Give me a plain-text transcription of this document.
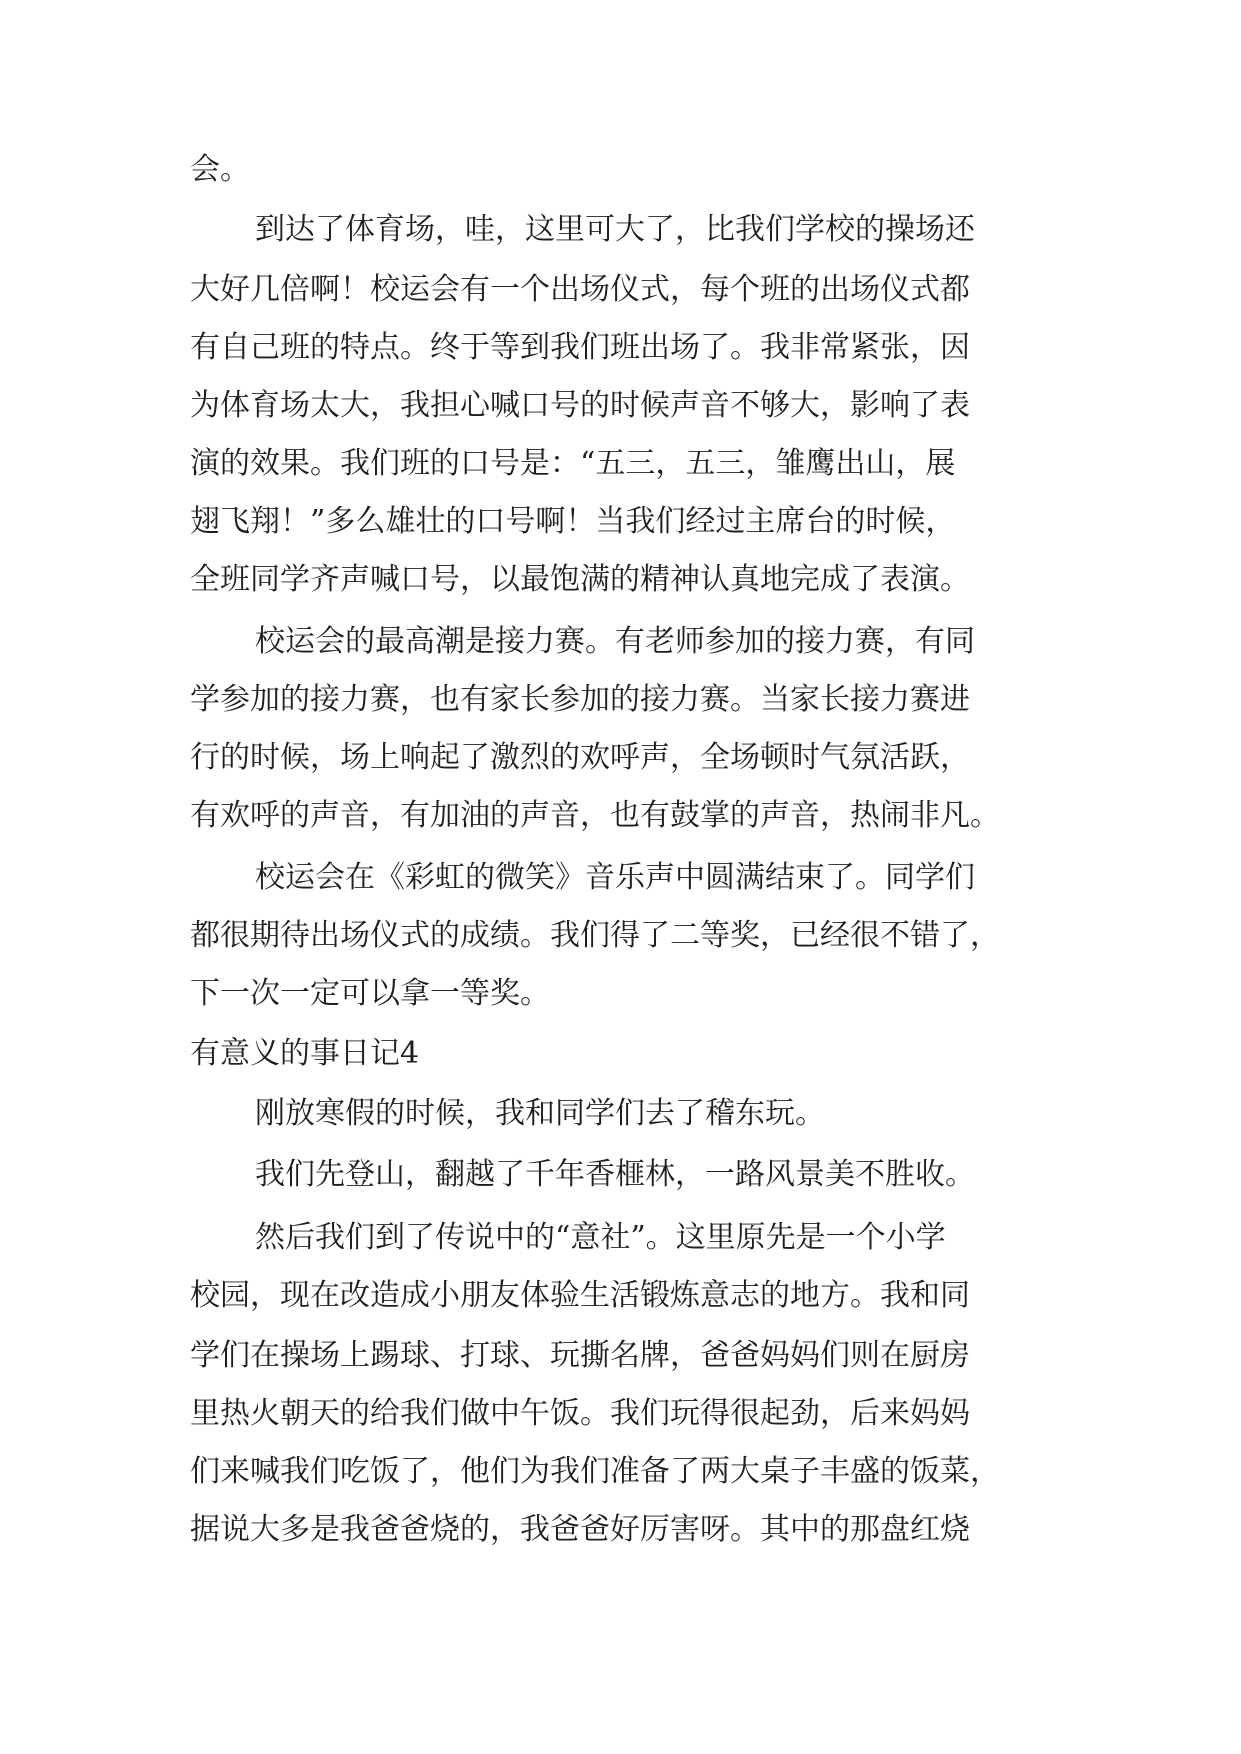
会。
到达了体育场，哇，这里可大了，比我们学校的操场还
大好几倍啊！校运会有一个出场仪式，每个班的出场仪式都
有自己班的特点。终于等到我们班出场了。我非常紧张，因
为体育场太大，我担心喊口号的时候声音不够大，影响了表
演的效果。我们班的口号是：“五三，五三，雏鹰出山，展
翅飞翔！”多么雄壮的口号啊！当我们经过主席台的时候，
全班同学齐声喊口号，以最饱满的精神认真地完成了表演。
校运会的最高潮是接力赛。有老师参加的接力赛，有同
学参加的接力赛，也有家长参加的接力赛。当家长接力赛进
行的时候，场上响起了激烈的欢呼声，全场顿时气氛活跃，
有欢呼的声音，有加油的声音，也有鼓掌的声音，热闹非凡。
校运会在《彩虹的微笑》音乐声中圆满结束了。同学们
都很期待出场仪式的成绩。我们得了二等奖，已经很不错了，
下一次一定可以拿一等奖。
有意义的事日记4
刚放寒假的时候，我和同学们去了稽东玩。
我们先登山，翻越了千年香榧林，一路风景美不胜收。
然后我们到了传说中的“意社”。这里原先是一个小学
校园，现在改造成小朋友体验生活锻炼意志的地方。我和同
学们在操场上踢球、打球、玩撕名牌，爸爸妈妈们则在厨房
里热火朝天的给我们做中午饭。我们玩得很起劲，后来妈妈
们来喊我们吃饭了，他们为我们准备了两大桌子丰盛的饭菜，
据说大多是我爸爸烧的，我爸爸好厉害呀。其中的那盘红烧
